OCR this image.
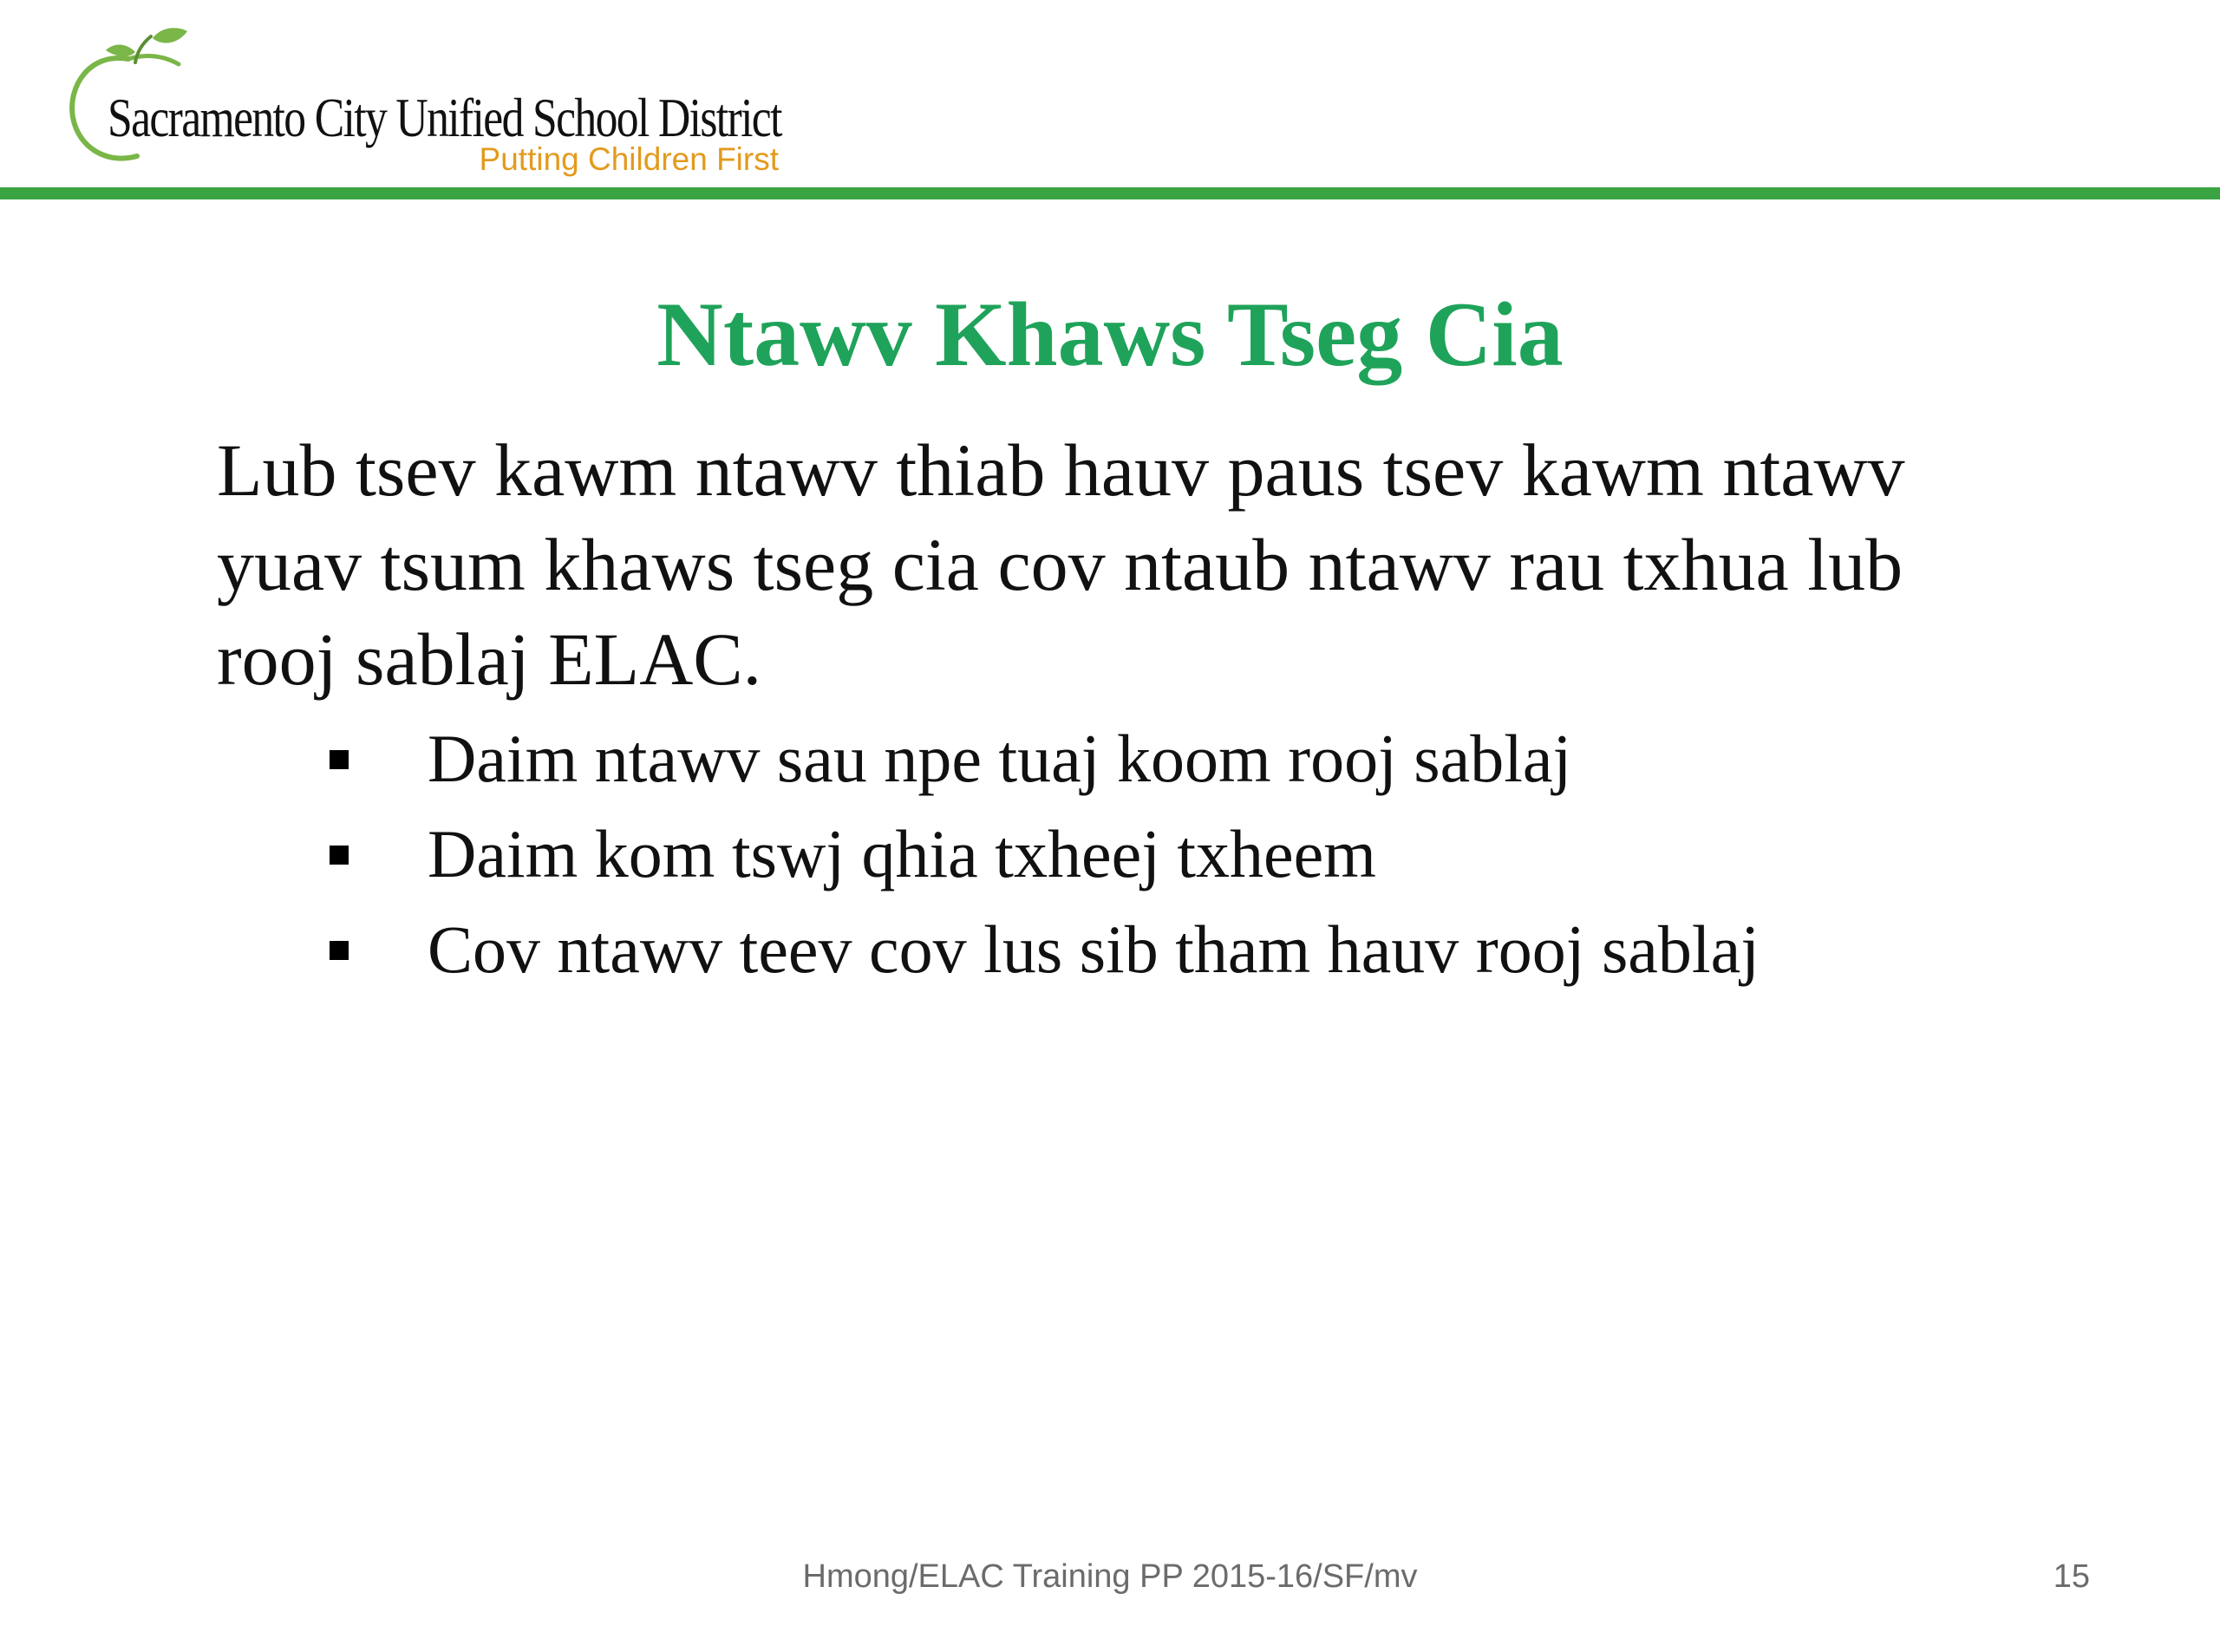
Sacramento City Unified School District
Putting Children First
Ntawv Khaws Tseg Cia
Lub tsev kawm ntawv thiab hauv paus tsev kawm ntawv yuav tsum khaws tseg cia cov ntaub ntawv rau txhua lub rooj sablaj ELAC.
Daim ntawv sau npe tuaj koom rooj sablaj
Daim kom tswj qhia txheej txheem
Cov ntawv teev cov lus sib tham hauv rooj sablaj
Hmong/ELAC Training PP 2015-16/SF/mv	15
